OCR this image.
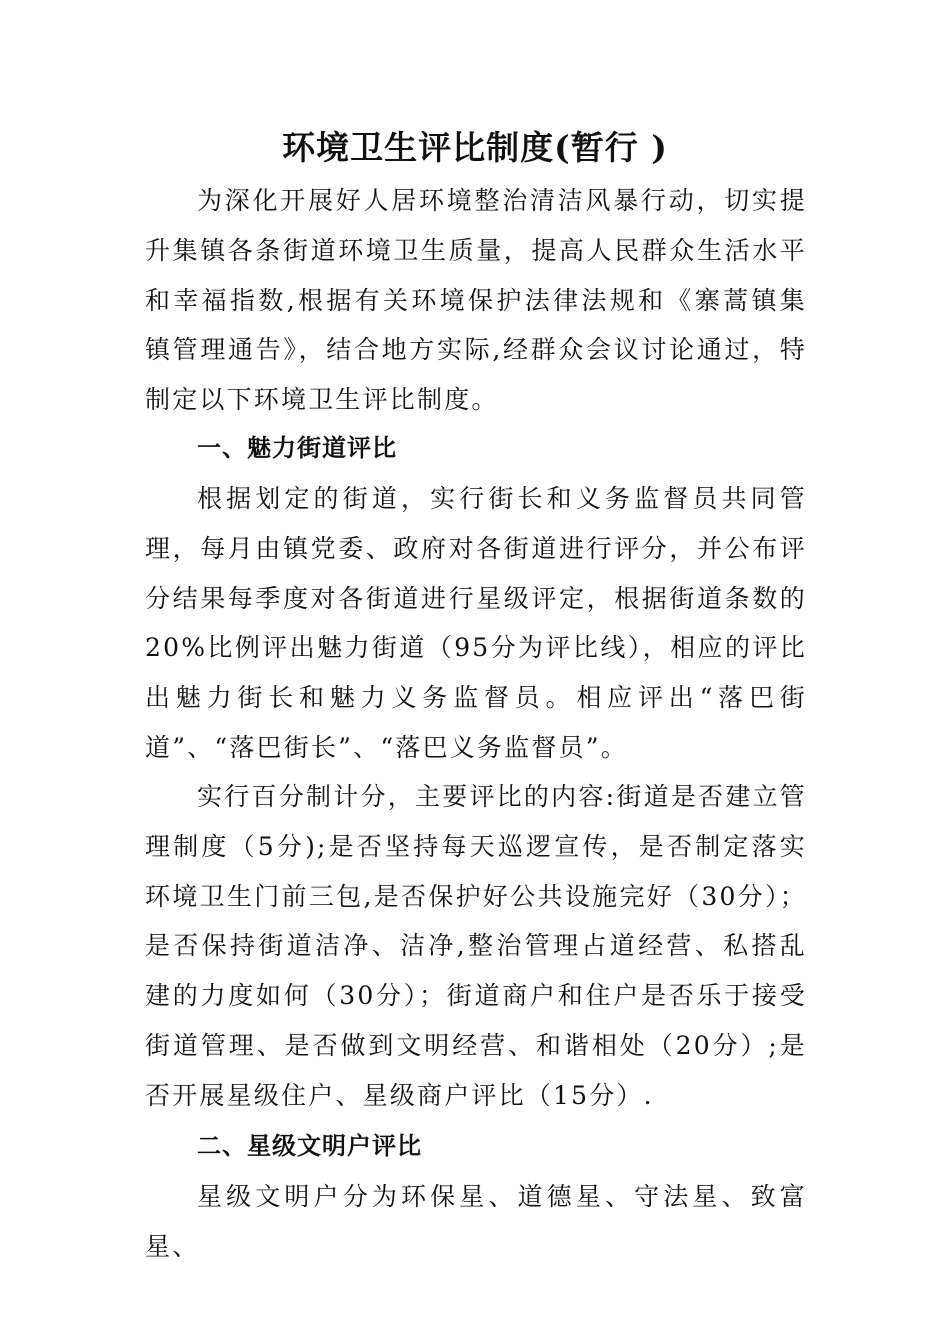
环境卫生评比制度(暂行 )

为深化开展好人居环境整治清洁风暴行动，切实提升集镇各条街道环境卫生质量，提高人民群众生活水平和幸福指数,根据有关环境保护法律法规和《寨蒿镇集镇管理通告》，结合地方实际,经群众会议讨论通过，特制定以下环境卫生评比制度。

一、魅力街道评比

根据划定的街道，实行街长和义务监督员共同管理，每月由镇党委、政府对各街道进行评分，并公布评分结果每季度对各街道进行星级评定，根据街道条数的 20%比例评出魅力街道（95分为评比线），相应的评比出魅力街长和魅力义务监督员。相应评出“落巴街道”、“落巴街长”、“落巴义务监督员”。

实行百分制计分，主要评比的内容:街道是否建立管理制度（5分);是否坚持每天巡逻宣传，是否制定落实环境卫生门前三包,是否保护好公共设施完好（30分）；是否保持街道洁净、洁净,整治管理占道经营、私搭乱建的力度如何（30分）；街道商户和住户是否乐于接受街道管理、是否做到文明经营、和谐相处（20分）;是否开展星级住户、星级商户评比（15分）.

二、星级文明户评比

星级文明户分为环保星、道德星、守法星、致富星、
